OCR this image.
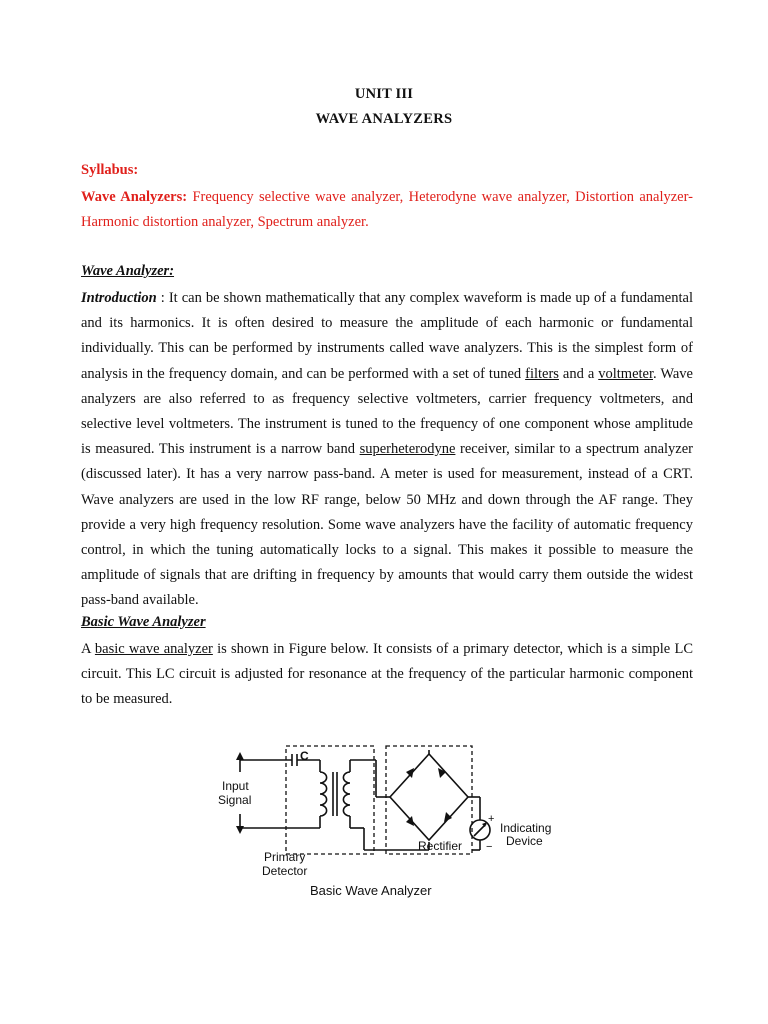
UNIT III
WAVE ANALYZERS
Syllabus:
Wave Analyzers: Frequency selective wave analyzer, Heterodyne wave analyzer, Distortion analyzer-Harmonic distortion analyzer, Spectrum analyzer.
Wave Analyzer:
Introduction : It can be shown mathematically that any complex waveform is made up of a fundamental and its harmonics. It is often desired to measure the amplitude of each harmonic or fundamental individually. This can be performed by instruments called wave analyzers. This is the simplest form of analysis in the frequency domain, and can be performed with a set of tuned filters and a voltmeter. Wave analyzers are also referred to as frequency selective voltmeters, carrier frequency voltmeters, and selective level voltmeters. The instrument is tuned to the frequency of one component whose amplitude is measured. This instrument is a narrow band superheterodyne receiver, similar to a spectrum analyzer (discussed later). It has a very narrow pass-band. A meter is used for measurement, instead of a CRT. Wave analyzers are used in the low RF range, below 50 MHz and down through the AF range. They provide a very high frequency resolution. Some wave analyzers have the facility of automatic frequency control, in which the tuning automatically locks to a signal. This makes it possible to measure the amplitude of signals that are drifting in frequency by amounts that would carry them outside the widest pass-band available.
Basic Wave Analyzer
A basic wave analyzer is shown in Figure below. It consists of a primary detector, which is a simple LC circuit. This LC circuit is adjusted for resonance at the frequency of the particular harmonic component to be measured.
C
+
−
Input
Signal
Primary
Detector
Rectifier
Indicating
Device
Basic Wave Analyzer
